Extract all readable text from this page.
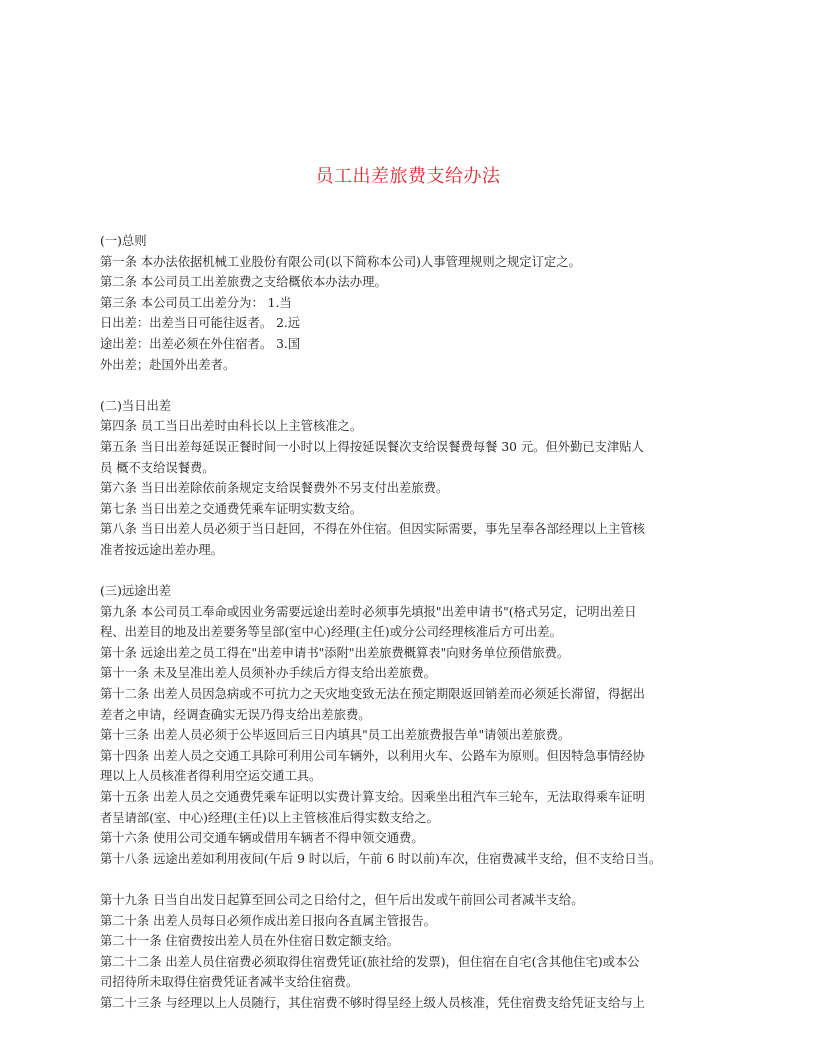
员工出差旅费支给办法
(一)总则
第一条 本办法依据机械工业股份有限公司(以下简称本公司)人事管理规则之规定订定之。
第二条 本公司员工出差旅费之支给概依本办法办理。
第三条 本公司员工出差分为： 1.当
日出差：出差当日可能往返者。 2.远
途出差：出差必须在外住宿者。 3.国
外出差；赴国外出差者。
(二)当日出差
第四条 员工当日出差时由科长以上主管核准之。
第五条 当日出差每延误正餐时间一小时以上得按延误餐次支给误餐费每餐 30 元。但外勤已支津贴人
员 概不支给误餐费。
第六条 当日出差除依前条规定支给误餐费外不另支付出差旅费。
第七条 当日出差之交通费凭乘车证明实数支给。
第八条 当日出差人员必须于当日赶回，不得在外住宿。但因实际需要，事先呈奉各部经理以上主管核
准者按远途出差办理。
(三)远途出差
第九条 本公司员工奉命或因业务需要远途出差时必须事先填报"出差申请书"(格式另定，记明出差日
程、出差目的地及出差要务等呈部(室中心)经理(主任)或分公司经理核准后方可出差。
第十条 远途出差之员工得在"出差申请书"添附"出差旅费概算表"向财务单位预借旅费。
第十一条 未及呈准出差人员须补办手续后方得支给出差旅费。
第十二条 出差人员因急病或不可抗力之天灾地变致无法在预定期限返回销差而必须延长滞留，得据出
差者之申请，经调查确实无误乃得支给出差旅费。
第十三条 出差人员必须于公毕返回后三日内填具"员工出差旅费报告单"请领出差旅费。
第十四条 出差人员之交通工具除可利用公司车辆外，以利用火车、公路车为原则。但因特急事情经协
理以上人员核准者得利用空运交通工具。
第十五条 出差人员之交通费凭乘车证明以实费计算支给。因乘坐出租汽车三轮车，无法取得乘车证明
者呈请部(室、中心)经理(主任)以上主管核准后得实数支给之。
第十六条 使用公司交通车辆或借用车辆者不得申领交通费。
第十八条 远途出差如利用夜间(午后 9 时以后，午前 6 时以前)车次，住宿费减半支给，但不支给日当。
第十九条 日当自出发日起算至回公司之日给付之，但午后出发或午前回公司者减半支给。
第二十条 出差人员每日必须作成出差日报向各直属主管报告。
第二十一条 住宿费按出差人员在外住宿日数定额支给。
第二十二条 出差人员住宿费必须取得住宿费凭证(旅社给的发票)，但住宿在自宅(含其他住宅)或本公
司招待所未取得住宿费凭证者减半支给住宿费。
第二十三条 与经理以上人员随行，其住宿费不够时得呈经上级人员核准，凭住宿费支给凭证支给与上
